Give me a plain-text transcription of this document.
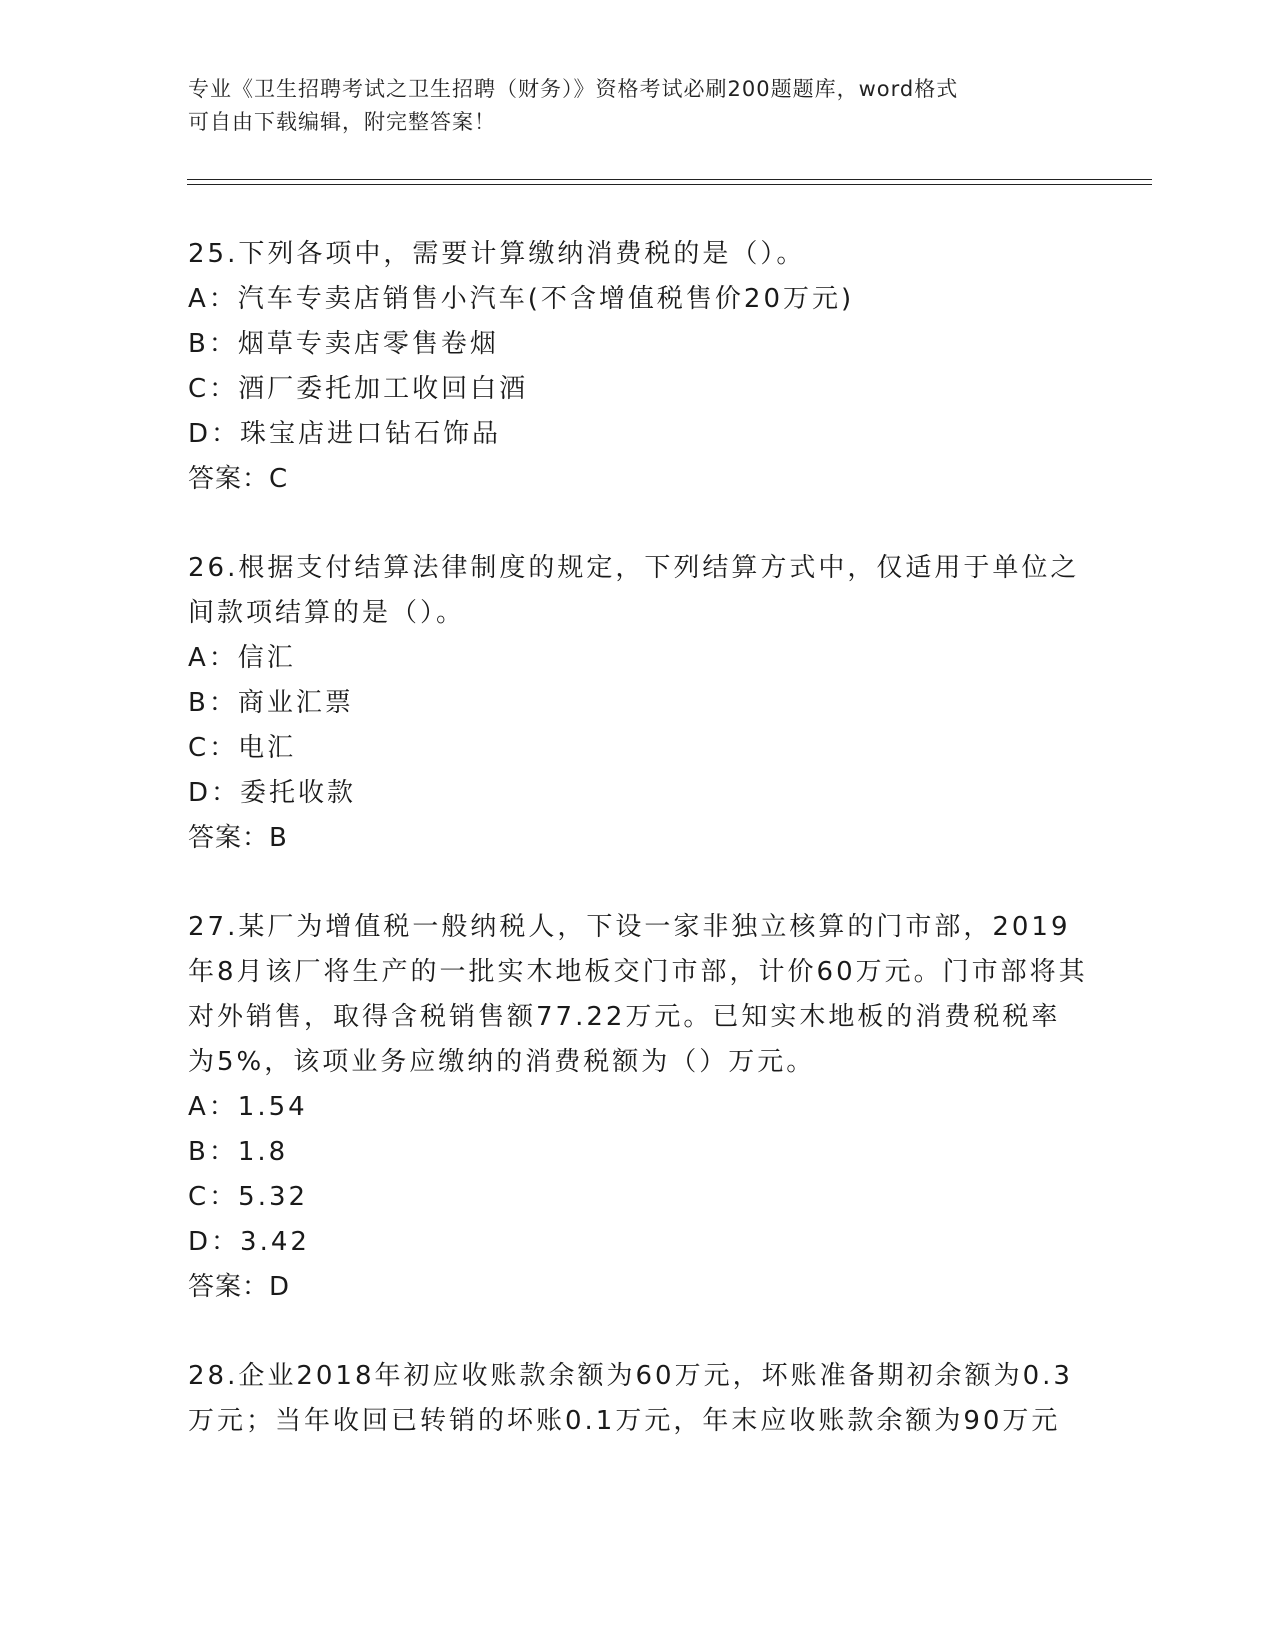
专业《卫生招聘考试之卫生招聘（财务）》资格考试必刷200题题库，word格式
可自由下载编辑，附完整答案！
25.下列各项中，需要计算缴纳消费税的是（）。
A：汽车专卖店销售小汽车(不含增值税售价20万元)
B：烟草专卖店零售卷烟
C：酒厂委托加工收回白酒
D：珠宝店进口钻石饰品
答案：C
26.根据支付结算法律制度的规定，下列结算方式中，仅适用于单位之间款项结算的是（）。
A：信汇
B：商业汇票
C：电汇
D：委托收款
答案：B
27.某厂为增值税一般纳税人，下设一家非独立核算的门市部，2019年8月该厂将生产的一批实木地板交门市部，计价60万元。门市部将其对外销售，取得含税销售额77.22万元。已知实木地板的消费税税率为5%，该项业务应缴纳的消费税额为（）万元。
A：1.54
B：1.8
C：5.32
D：3.42
答案：D
28.企业2018年初应收账款余额为60万元，坏账准备期初余额为0.3万元；当年收回已转销的坏账0.1万元，年末应收账款余额为90万元
